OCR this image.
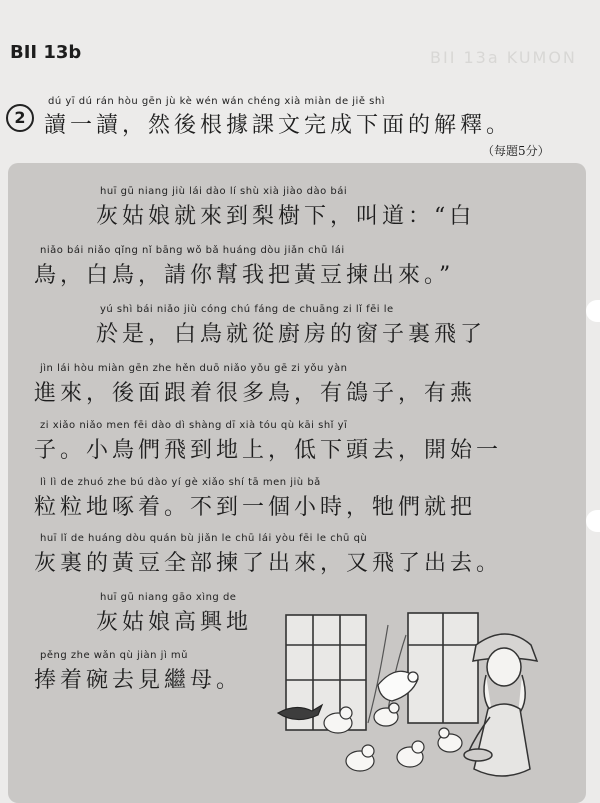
BII 13b	BII 13a KUMON
2
dú yī dú rán hòu gēn jù kè wén wán chéng xià miàn de jiě shì
讀一讀，然後根據課文完成下面的解釋。
（每題5分）
huī gū niang jiù lái dào lí shù xià jiào dào bái
灰姑娘就來到梨樹下，叫道：“白
niǎo bái niǎo qǐng nǐ bāng wǒ bǎ huáng dòu jiǎn chū lái
鳥，白鳥，請你幫我把黃豆揀出來。”
yú shì bái niǎo jiù cóng chú fáng de chuāng zi lǐ fēi le
於是，白鳥就從廚房的窗子裏飛了
jìn lái hòu miàn gēn zhe hěn duō niǎo yǒu gē zi yǒu yàn
進來，後面跟着很多鳥，有鴿子，有燕
zi xiǎo niǎo men fēi dào dì shàng dī xià tóu qù kāi shǐ yī
子。小鳥們飛到地上，低下頭去，開始一
lì lì de zhuó zhe bú dào yí gè xiǎo shí tā men jiù bǎ
粒粒地啄着。不到一個小時，牠們就把
huī lǐ de huáng dòu quán bù jiǎn le chū lái yòu fēi le chū qù
灰裏的黃豆全部揀了出來，又飛了出去。
huī gū niang gāo xìng de
灰姑娘高興地
pěng zhe wǎn qù jiàn jì mǔ
捧着碗去見繼母。
